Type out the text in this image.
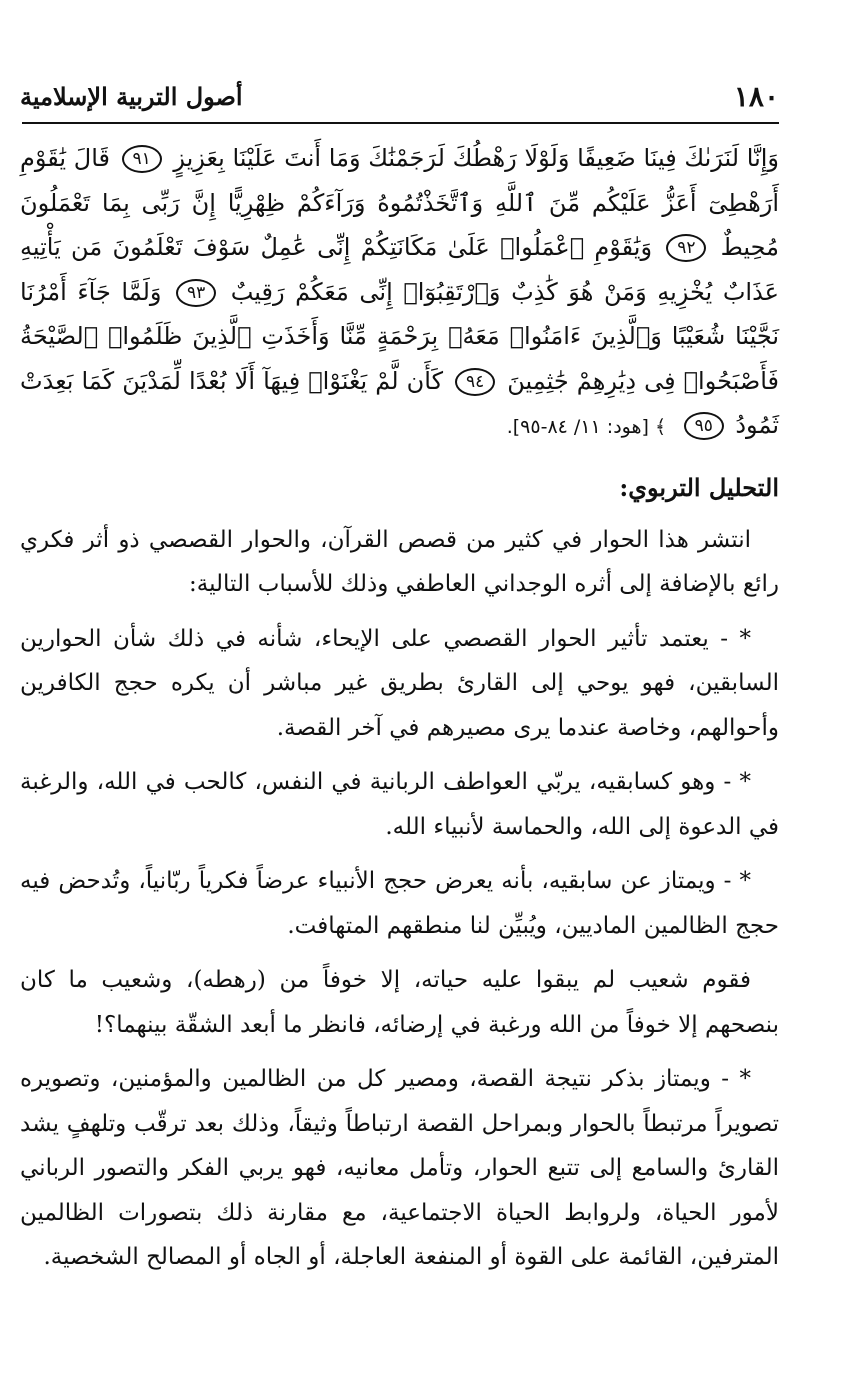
١٨٠
أصول التربية الإسلامية

وَإِنَّا لَنَرَىٰكَ فِينَا ضَعِيفًا وَلَوْلَا رَهْطُكَ لَرَجَمْنَٰكَ وَمَا أَنتَ عَلَيْنَا بِعَزِيزٍ ٩١ قَالَ يَٰقَوْمِ أَرَهْطِىٓ أَعَزُّ عَلَيْكُم مِّنَ ٱللَّهِ وَٱتَّخَذْتُمُوهُ وَرَآءَكُمْ ظِهْرِيًّا إِنَّ رَبِّى بِمَا تَعْمَلُونَ مُحِيطٌ ٩٢ وَيَٰقَوْمِ ٱعْمَلُوا۟ عَلَىٰ مَكَانَتِكُمْ إِنِّى عَٰمِلٌ سَوْفَ تَعْلَمُونَ مَن يَأْتِيهِ عَذَابٌ يُخْزِيهِ وَمَنْ هُوَ كَٰذِبٌ وَٱرْتَقِبُوٓا۟ إِنِّى مَعَكُمْ رَقِيبٌ ٩٣ وَلَمَّا جَآءَ أَمْرُنَا نَجَّيْنَا شُعَيْبًا وَٱلَّذِينَ ءَامَنُوا۟ مَعَهُۥ بِرَحْمَةٍ مِّنَّا وَأَخَذَتِ ٱلَّذِينَ ظَلَمُوا۟ ٱلصَّيْحَةُ فَأَصْبَحُوا۟ فِى دِيَٰرِهِمْ جَٰثِمِينَ ٩٤ كَأَن لَّمْ يَغْنَوْا۟ فِيهَآ أَلَا بُعْدًا لِّمَدْيَنَ كَمَا بَعِدَتْ ثَمُودُ ٩٥ ﴾ [هود: ١١/ ٨٤-٩٥].

التحليل التربوي:

انتشر هذا الحوار في كثير من قصص القرآن، والحوار القصصي ذو أثر فكري رائع بالإضافة إلى أثره الوجداني العاطفي وذلك للأسباب التالية:

* - يعتمد تأثير الحوار القصصي على الإيحاء، شأنه في ذلك شأن الحوارين السابقين، فهو يوحي إلى القارئ بطريق غير مباشر أن يكره حجج الكافرين وأحوالهم، وخاصة عندما يرى مصيرهم في آخر القصة.

* - وهو كسابقيه، يربّي العواطف الربانية في النفس، كالحب في الله، والرغبة في الدعوة إلى الله، والحماسة لأنبياء الله.

* - ويمتاز عن سابقيه، بأنه يعرض حجج الأنبياء عرضاً فكرياً ربّانياً، وتُدحض فيه حجج الظالمين الماديين، ويُبيِّن لنا منطقهم المتهافت.

فقوم شعيب لم يبقوا عليه حياته، إلا خوفاً من (رهطه)، وشعيب ما كان بنصحهم إلا خوفاً من الله ورغبة في إرضائه، فانظر ما أبعد الشقّة بينهما؟!

* - ويمتاز بذكر نتيجة القصة، ومصير كل من الظالمين والمؤمنين، وتصويره تصويراً مرتبطاً بالحوار وبمراحل القصة ارتباطاً وثيقاً، وذلك بعد ترقّب وتلهفٍ يشد القارئ والسامع إلى تتبع الحوار، وتأمل معانيه، فهو يربي الفكر والتصور الرباني لأمور الحياة، ولروابط الحياة الاجتماعية، مع مقارنة ذلك بتصورات الظالمين المترفين، القائمة على القوة أو المنفعة العاجلة، أو الجاه أو المصالح الشخصية.
